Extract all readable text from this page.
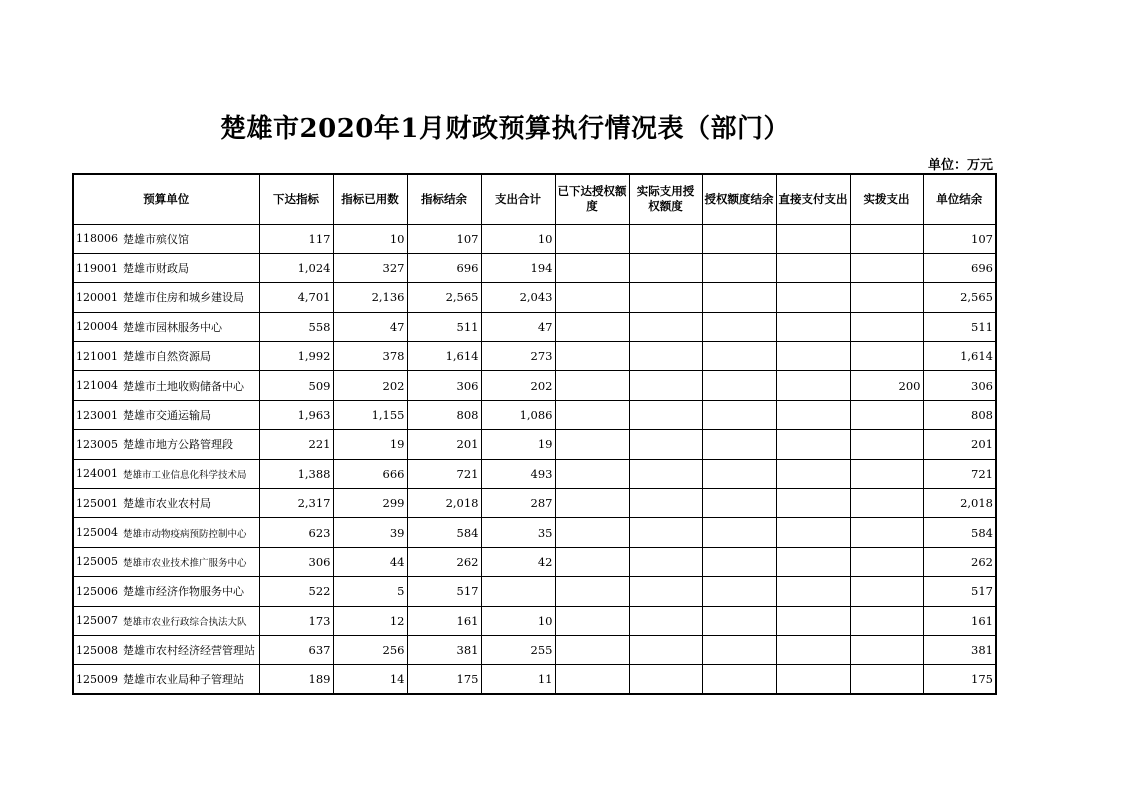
楚雄市2020年1月财政预算执行情况表（部门）
单位：万元
预算单位		下达指标	指标已用数	指标结余	支出合计	已下达授权额度	实际支用授权额度	授权额度结余	直接支付支出	实拨支出	单位结余
118006	楚雄市殡仪馆	117	10	107	10						107
119001	楚雄市财政局	1,024	327	696	194						696
120001	楚雄市住房和城乡建设局	4,701	2,136	2,565	2,043						2,565
120004	楚雄市园林服务中心	558	47	511	47						511
121001	楚雄市自然资源局	1,992	378	1,614	273						1,614
121004	楚雄市土地收购储备中心	509	202	306	202					200	306
123001	楚雄市交通运输局	1,963	1,155	808	1,086						808
123005	楚雄市地方公路管理段	221	19	201	19						201
124001	楚雄市工业信息化科学技术局	1,388	666	721	493						721
125001	楚雄市农业农村局	2,317	299	2,018	287						2,018
125004	楚雄市动物疫病预防控制中心	623	39	584	35						584
125005	楚雄市农业技术推广服务中心	306	44	262	42						262
125006	楚雄市经济作物服务中心	522	5	517							517
125007	楚雄市农业行政综合执法大队	173	12	161	10						161
125008	楚雄市农村经济经营管理站	637	256	381	255						381
125009	楚雄市农业局种子管理站	189	14	175	11						175
